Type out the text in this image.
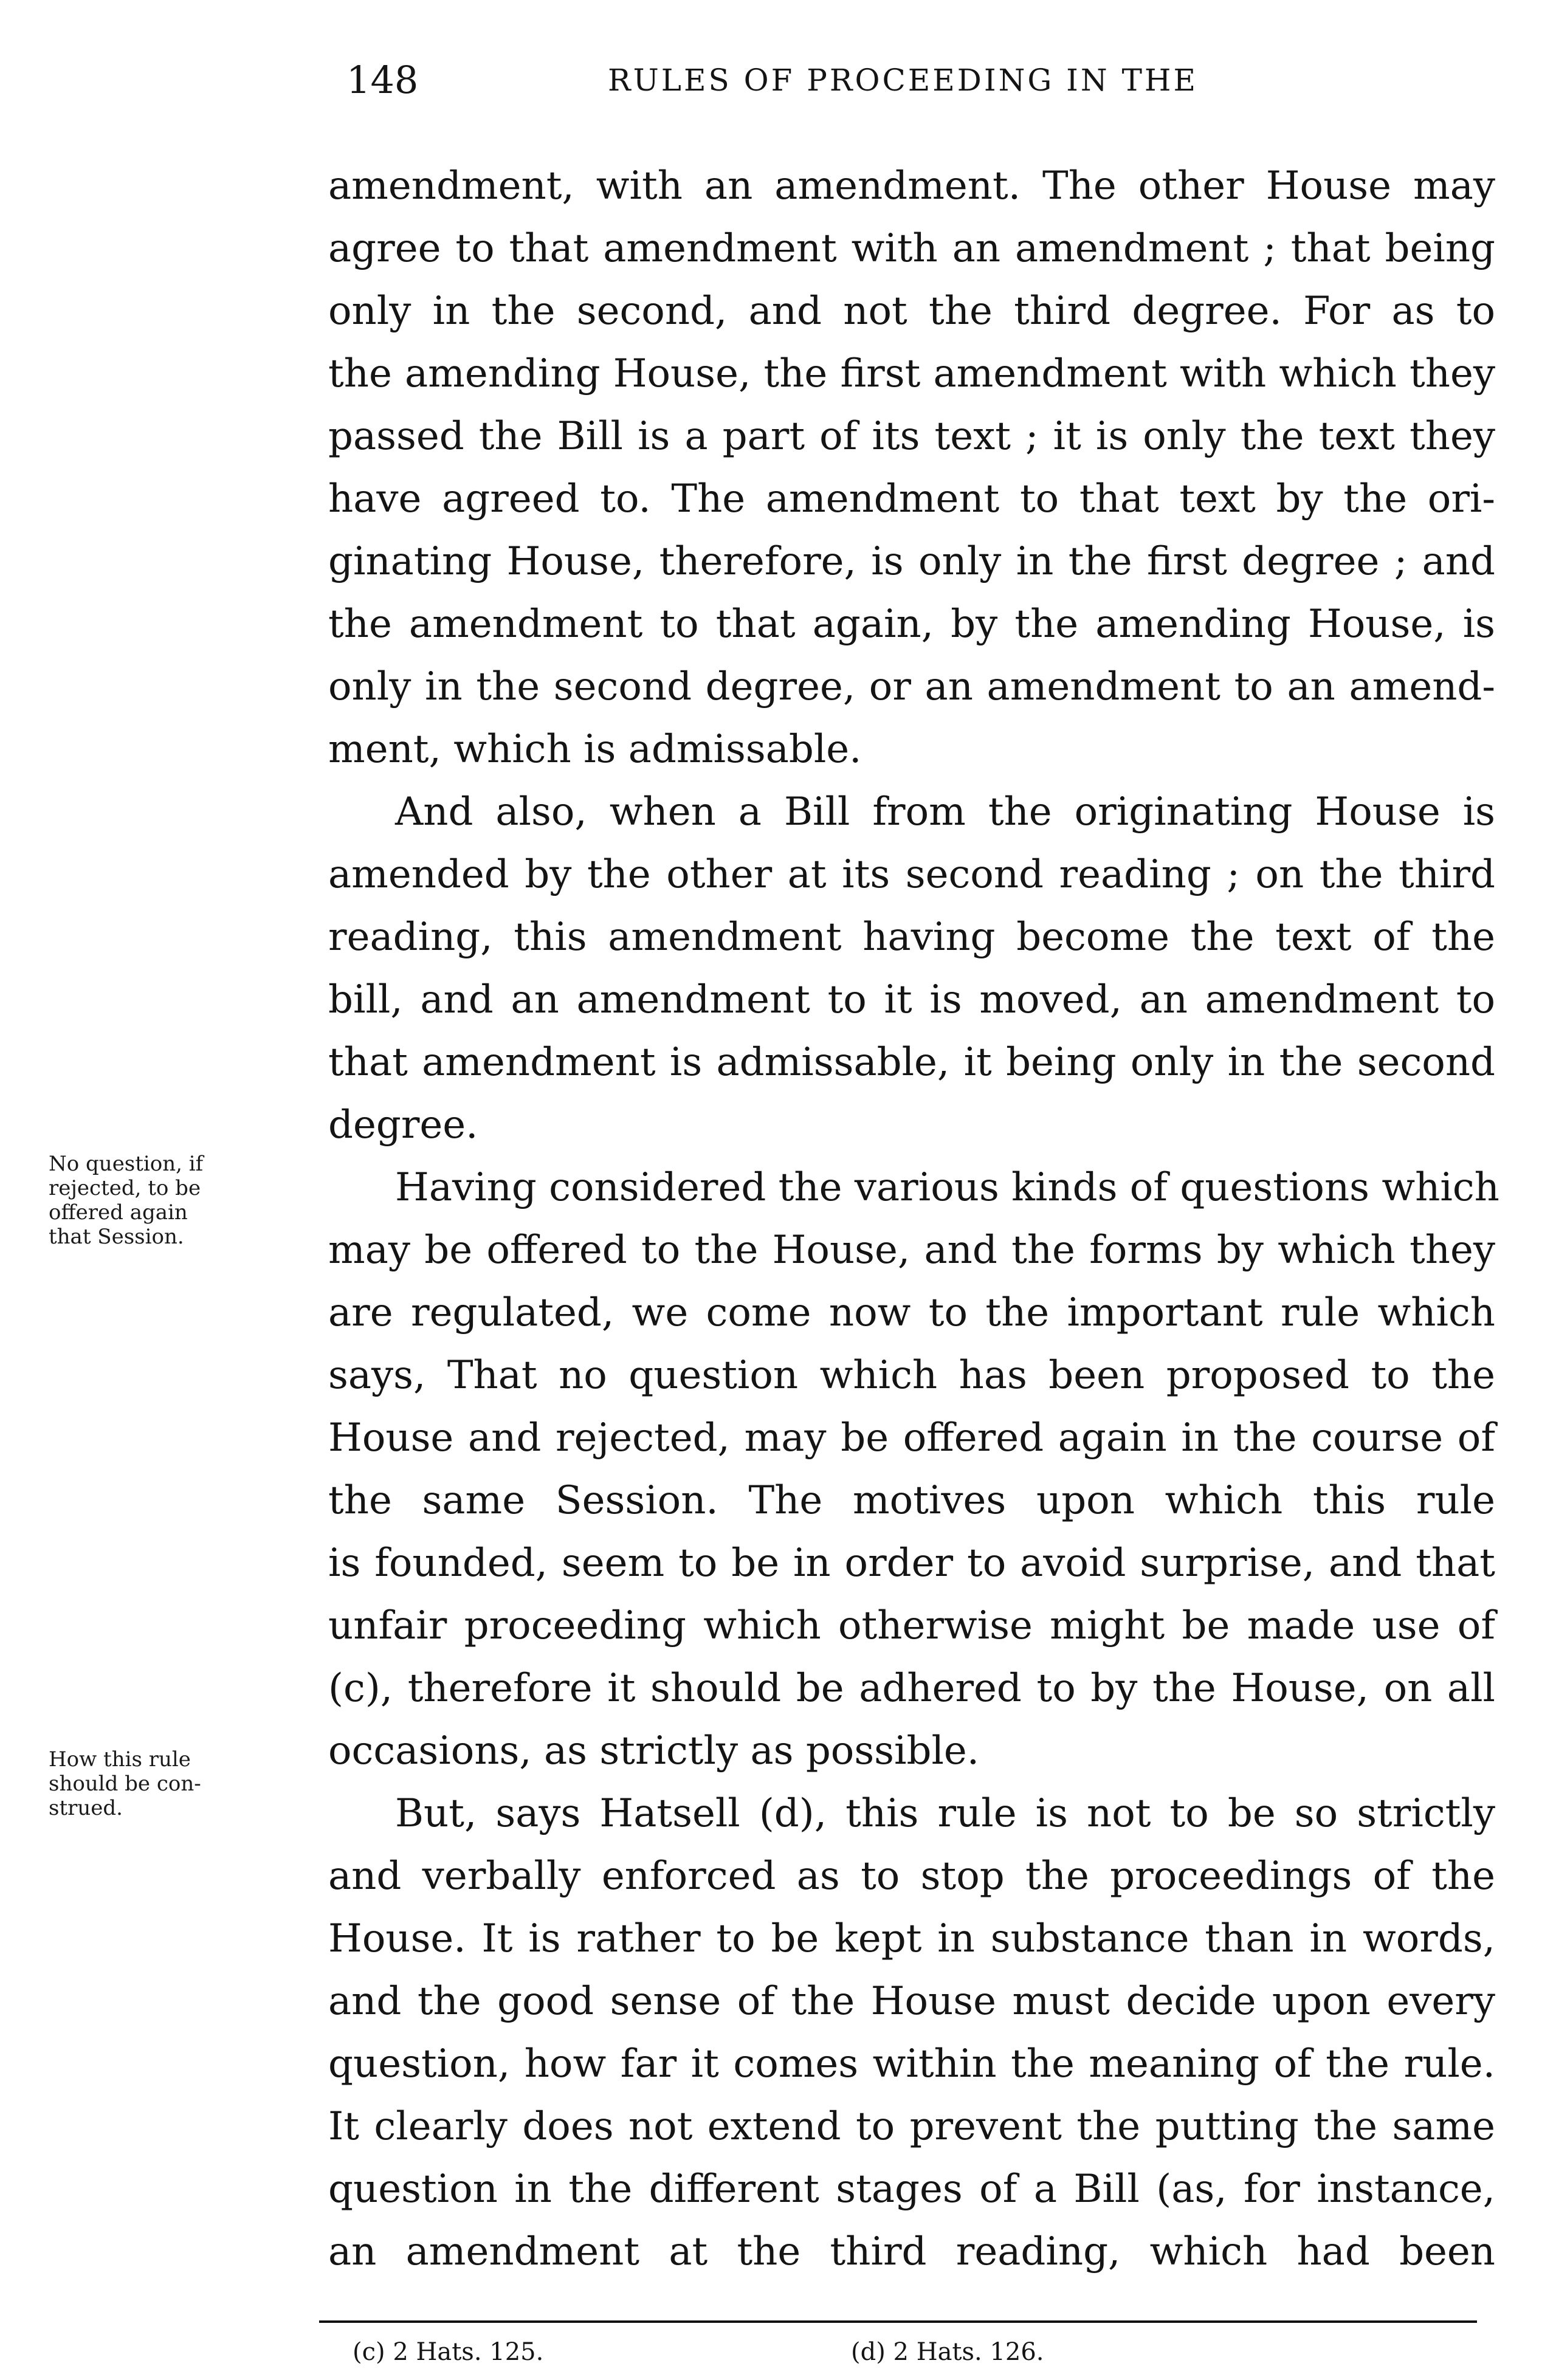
148	RULES OF PROCEEDING IN THE
amendment, with an amendment. The other House may
agree to that amendment with an amendment ; that being
only in the second, and not the third degree. For as to
the amending House, the first amendment with which they
passed the Bill is a part of its text ; it is only the text they
have agreed to. The amendment to that text by the ori-
ginating House, therefore, is only in the first degree ; and
the amendment to that again, by the amending House, is
only in the second degree, or an amendment to an amend-
ment, which is admissable.
And also, when a Bill from the originating House is
amended by the other at its second reading ; on the third
reading, this amendment having become the text of the
bill, and an amendment to it is moved, an amendment to
that amendment is admissable, it being only in the second
degree.
Having considered the various kinds of questions which
may be offered to the House, and the forms by which they
are regulated, we come now to the important rule which
says, That no question which has been proposed to the
House and rejected, may be offered again in the course of
the same Session. The motives upon which this rule
is founded, seem to be in order to avoid surprise, and that
unfair proceeding which otherwise might be made use of
(c), therefore it should be adhered to by the House, on all
occasions, as strictly as possible.
But, says Hatsell (d), this rule is not to be so strictly
and verbally enforced as to stop the proceedings of the
House. It is rather to be kept in substance than in words,
and the good sense of the House must decide upon every
question, how far it comes within the meaning of the rule.
It clearly does not extend to prevent the putting the same
question in the different stages of a Bill (as, for instance,
an amendment at the third reading, which had been
No question, if
rejected, to be
offered again
that Session.
How this rule
should be con-
strued.
(c) 2 Hats. 125.	(d) 2 Hats. 126.
